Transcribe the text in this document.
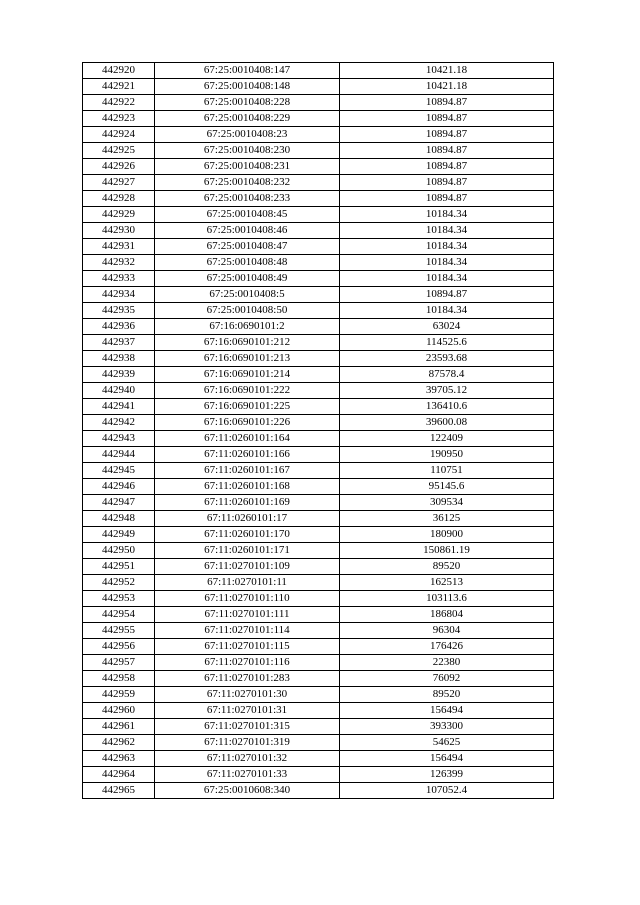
442920	67:25:0010408:147	10421.18
442921	67:25:0010408:148	10421.18
442922	67:25:0010408:228	10894.87
442923	67:25:0010408:229	10894.87
442924	67:25:0010408:23	10894.87
442925	67:25:0010408:230	10894.87
442926	67:25:0010408:231	10894.87
442927	67:25:0010408:232	10894.87
442928	67:25:0010408:233	10894.87
442929	67:25:0010408:45	10184.34
442930	67:25:0010408:46	10184.34
442931	67:25:0010408:47	10184.34
442932	67:25:0010408:48	10184.34
442933	67:25:0010408:49	10184.34
442934	67:25:0010408:5	10894.87
442935	67:25:0010408:50	10184.34
442936	67:16:0690101:2	63024
442937	67:16:0690101:212	114525.6
442938	67:16:0690101:213	23593.68
442939	67:16:0690101:214	87578.4
442940	67:16:0690101:222	39705.12
442941	67:16:0690101:225	136410.6
442942	67:16:0690101:226	39600.08
442943	67:11:0260101:164	122409
442944	67:11:0260101:166	190950
442945	67:11:0260101:167	110751
442946	67:11:0260101:168	95145.6
442947	67:11:0260101:169	309534
442948	67:11:0260101:17	36125
442949	67:11:0260101:170	180900
442950	67:11:0260101:171	150861.19
442951	67:11:0270101:109	89520
442952	67:11:0270101:11	162513
442953	67:11:0270101:110	103113.6
442954	67:11:0270101:111	186804
442955	67:11:0270101:114	96304
442956	67:11:0270101:115	176426
442957	67:11:0270101:116	22380
442958	67:11:0270101:283	76092
442959	67:11:0270101:30	89520
442960	67:11:0270101:31	156494
442961	67:11:0270101:315	393300
442962	67:11:0270101:319	54625
442963	67:11:0270101:32	156494
442964	67:11:0270101:33	126399
442965	67:25:0010608:340	107052.4
